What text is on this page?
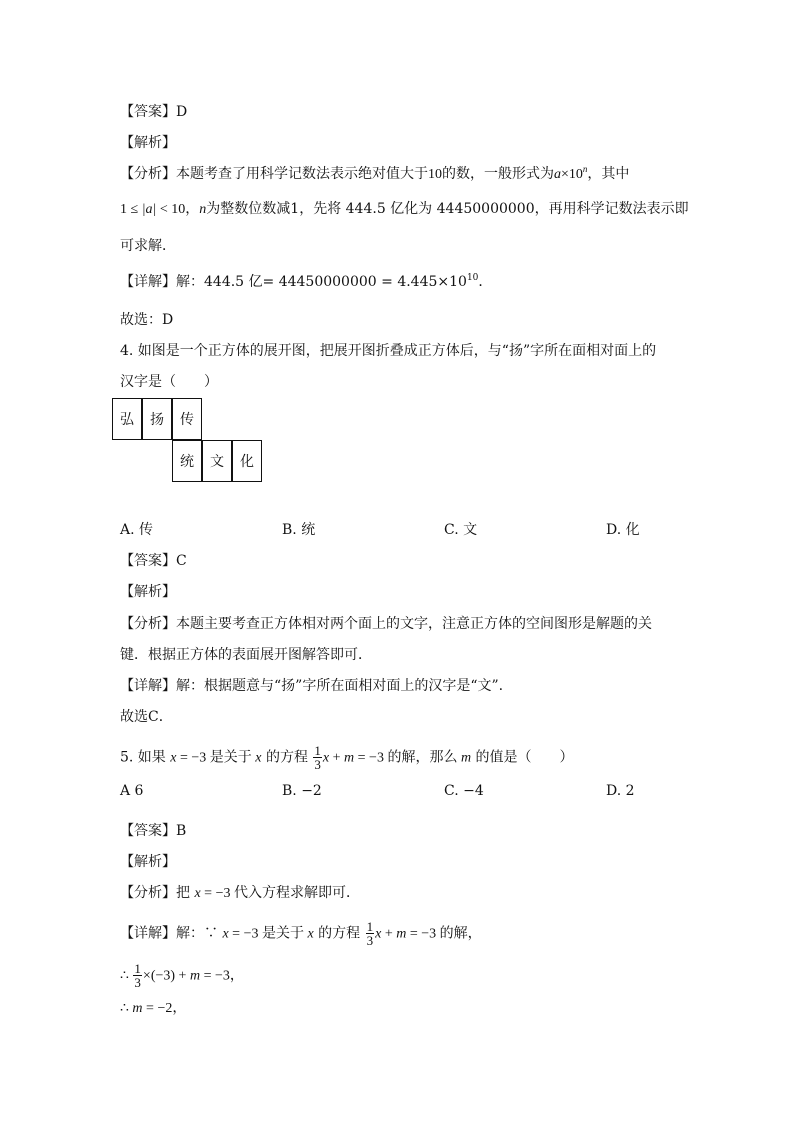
【答案】D
【解析】
【分析】本题考查了用科学记数法表示绝对值大于10的数，一般形式为$a\times 10^n$，其中
1 ≤ |a| < 10，n为整数位数减1，先将 444.5 亿化为 44450000000，再用科学记数法表示即
可求解．
【详解】解：444.5 亿= $44450000000 = 4.445\times 10^{10}$．
故选：D
4. 如图是一个正方体的展开图，把展开图折叠成正方体后，与“扬”字所在面相对面上的
汉字是（　　）
弘	扬	传
统	文	化
A. 传	B. 统	C. 文	D. 化
【答案】C
【解析】
【分析】本题主要考查正方体相对两个面上的文字，注意正方体的空间图形是解题的关
键．根据正方体的表面展开图解答即可．
【详解】解：根据题意与“扬”字所在面相对面上的汉字是“文”.
故选C．
5. 如果 x = −3 是关于 x 的方程 $\frac{1}{3}$ x + m = −3 的解，那么 m 的值是（　　）
A 6	B. −2	C. −4	D. 2
【答案】B
【解析】
【分析】把 x = −3 代入方程求解即可．
【详解】解：∵ x = −3 是关于 x 的方程 $\frac{1}{3}$ x + m = −3 的解，
∴ $\frac{1}{3} \times(-3) + m = -3$，
∴ m = −2，
